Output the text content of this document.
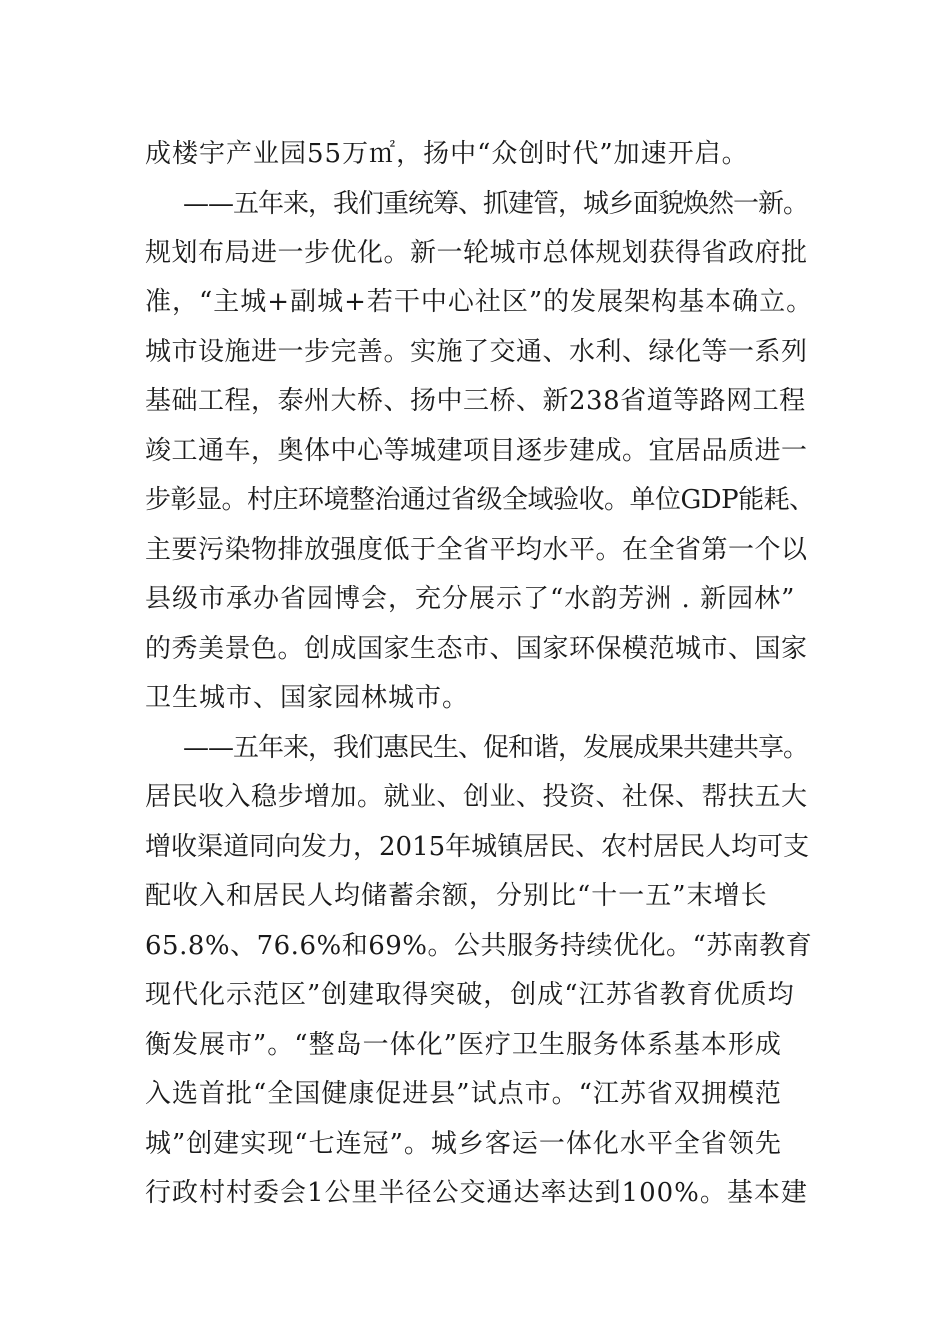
成楼宇产业园55万㎡，扬中“众创时代”加速开启。
——五年来，我们重统筹、抓建管，城乡面貌焕然一新。
规划布局进一步优化。新一轮城市总体规划获得省政府批
准，“主城+副城+若干中心社区”的发展架构基本确立。
城市设施进一步完善。实施了交通、水利、绿化等一系列
基础工程，泰州大桥、扬中三桥、新238省道等路网工程
竣工通车，奥体中心等城建项目逐步建成。宜居品质进一
步彰显。村庄环境整治通过省级全域验收。单位GDP能耗、
主要污染物排放强度低于全省平均水平。在全省第一个以
县级市承办省园博会，充分展示了“水韵芳洲 . 新园林”
的秀美景色。创成国家生态市、国家环保模范城市、国家
卫生城市、国家园林城市。
——五年来，我们惠民生、促和谐，发展成果共建共享。
居民收入稳步增加。就业、创业、投资、社保、帮扶五大
增收渠道同向发力，2015年城镇居民、农村居民人均可支
配收入和居民人均储蓄余额，分别比“十一五”末增长
65.8%、76.6%和69%。公共服务持续优化。“苏南教育
现代化示范区”创建取得突破，创成“江苏省教育优质均
衡发展市”。“整岛一体化”医疗卫生服务体系基本形成
入选首批“全国健康促进县”试点市。“江苏省双拥模范
城”创建实现“七连冠”。城乡客运一体化水平全省领先
行政村村委会1公里半径公交通达率达到100%。基本建
